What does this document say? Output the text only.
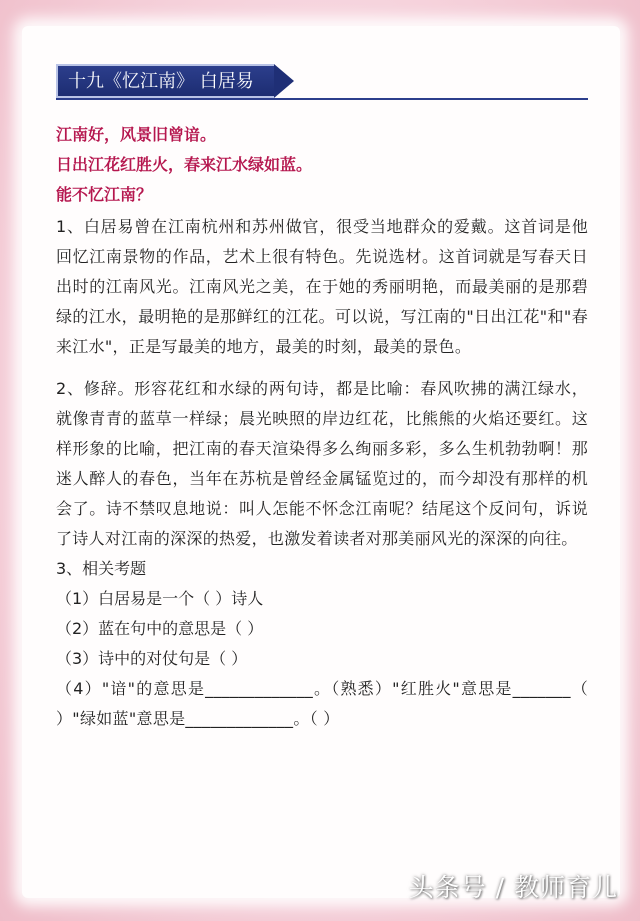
十九《忆江南》 白居易
江南好，风景旧曾谙。
日出江花红胜火，春来江水绿如蓝。
能不忆江南？

1、白居易曾在江南杭州和苏州做官，很受当地群众的爱戴。这首词是他回忆江南景物的作品，艺术上很有特色。先说选材。这首词就是写春天日出时的江南风光。江南风光之美，在于她的秀丽明艳，而最美丽的是那碧绿的江水，最明艳的是那鲜红的江花。可以说，写江南的"日出江花"和"春来江水"，正是写最美的地方，最美的时刻，最美的景色。

2、修辞。形容花红和水绿的两句诗，都是比喻：春风吹拂的满江绿水，就像青青的蓝草一样绿；晨光映照的岸边红花，比熊熊的火焰还要红。这样形象的比喻，把江南的春天渲染得多么绚丽多彩，多么生机勃勃啊！那迷人醉人的春色，当年在苏杭是曾经金属锰览过的，而今却没有那样的机会了。诗不禁叹息地说：叫人怎能不怀念江南呢？结尾这个反问句，诉说了诗人对江南的深深的热爱，也激发着读者对那美丽风光的深深的向往。

3、相关考题
（1）白居易是一个（ ）诗人
（2）蓝在句中的意思是（ ）
（3）诗中的对仗句是（ ）

（4）"谙"的意思是_____________。（熟悉）"红胜火"意思是_______（ ）"绿如蓝"意思是_____________。（ ）

头条号 / 教师育儿
